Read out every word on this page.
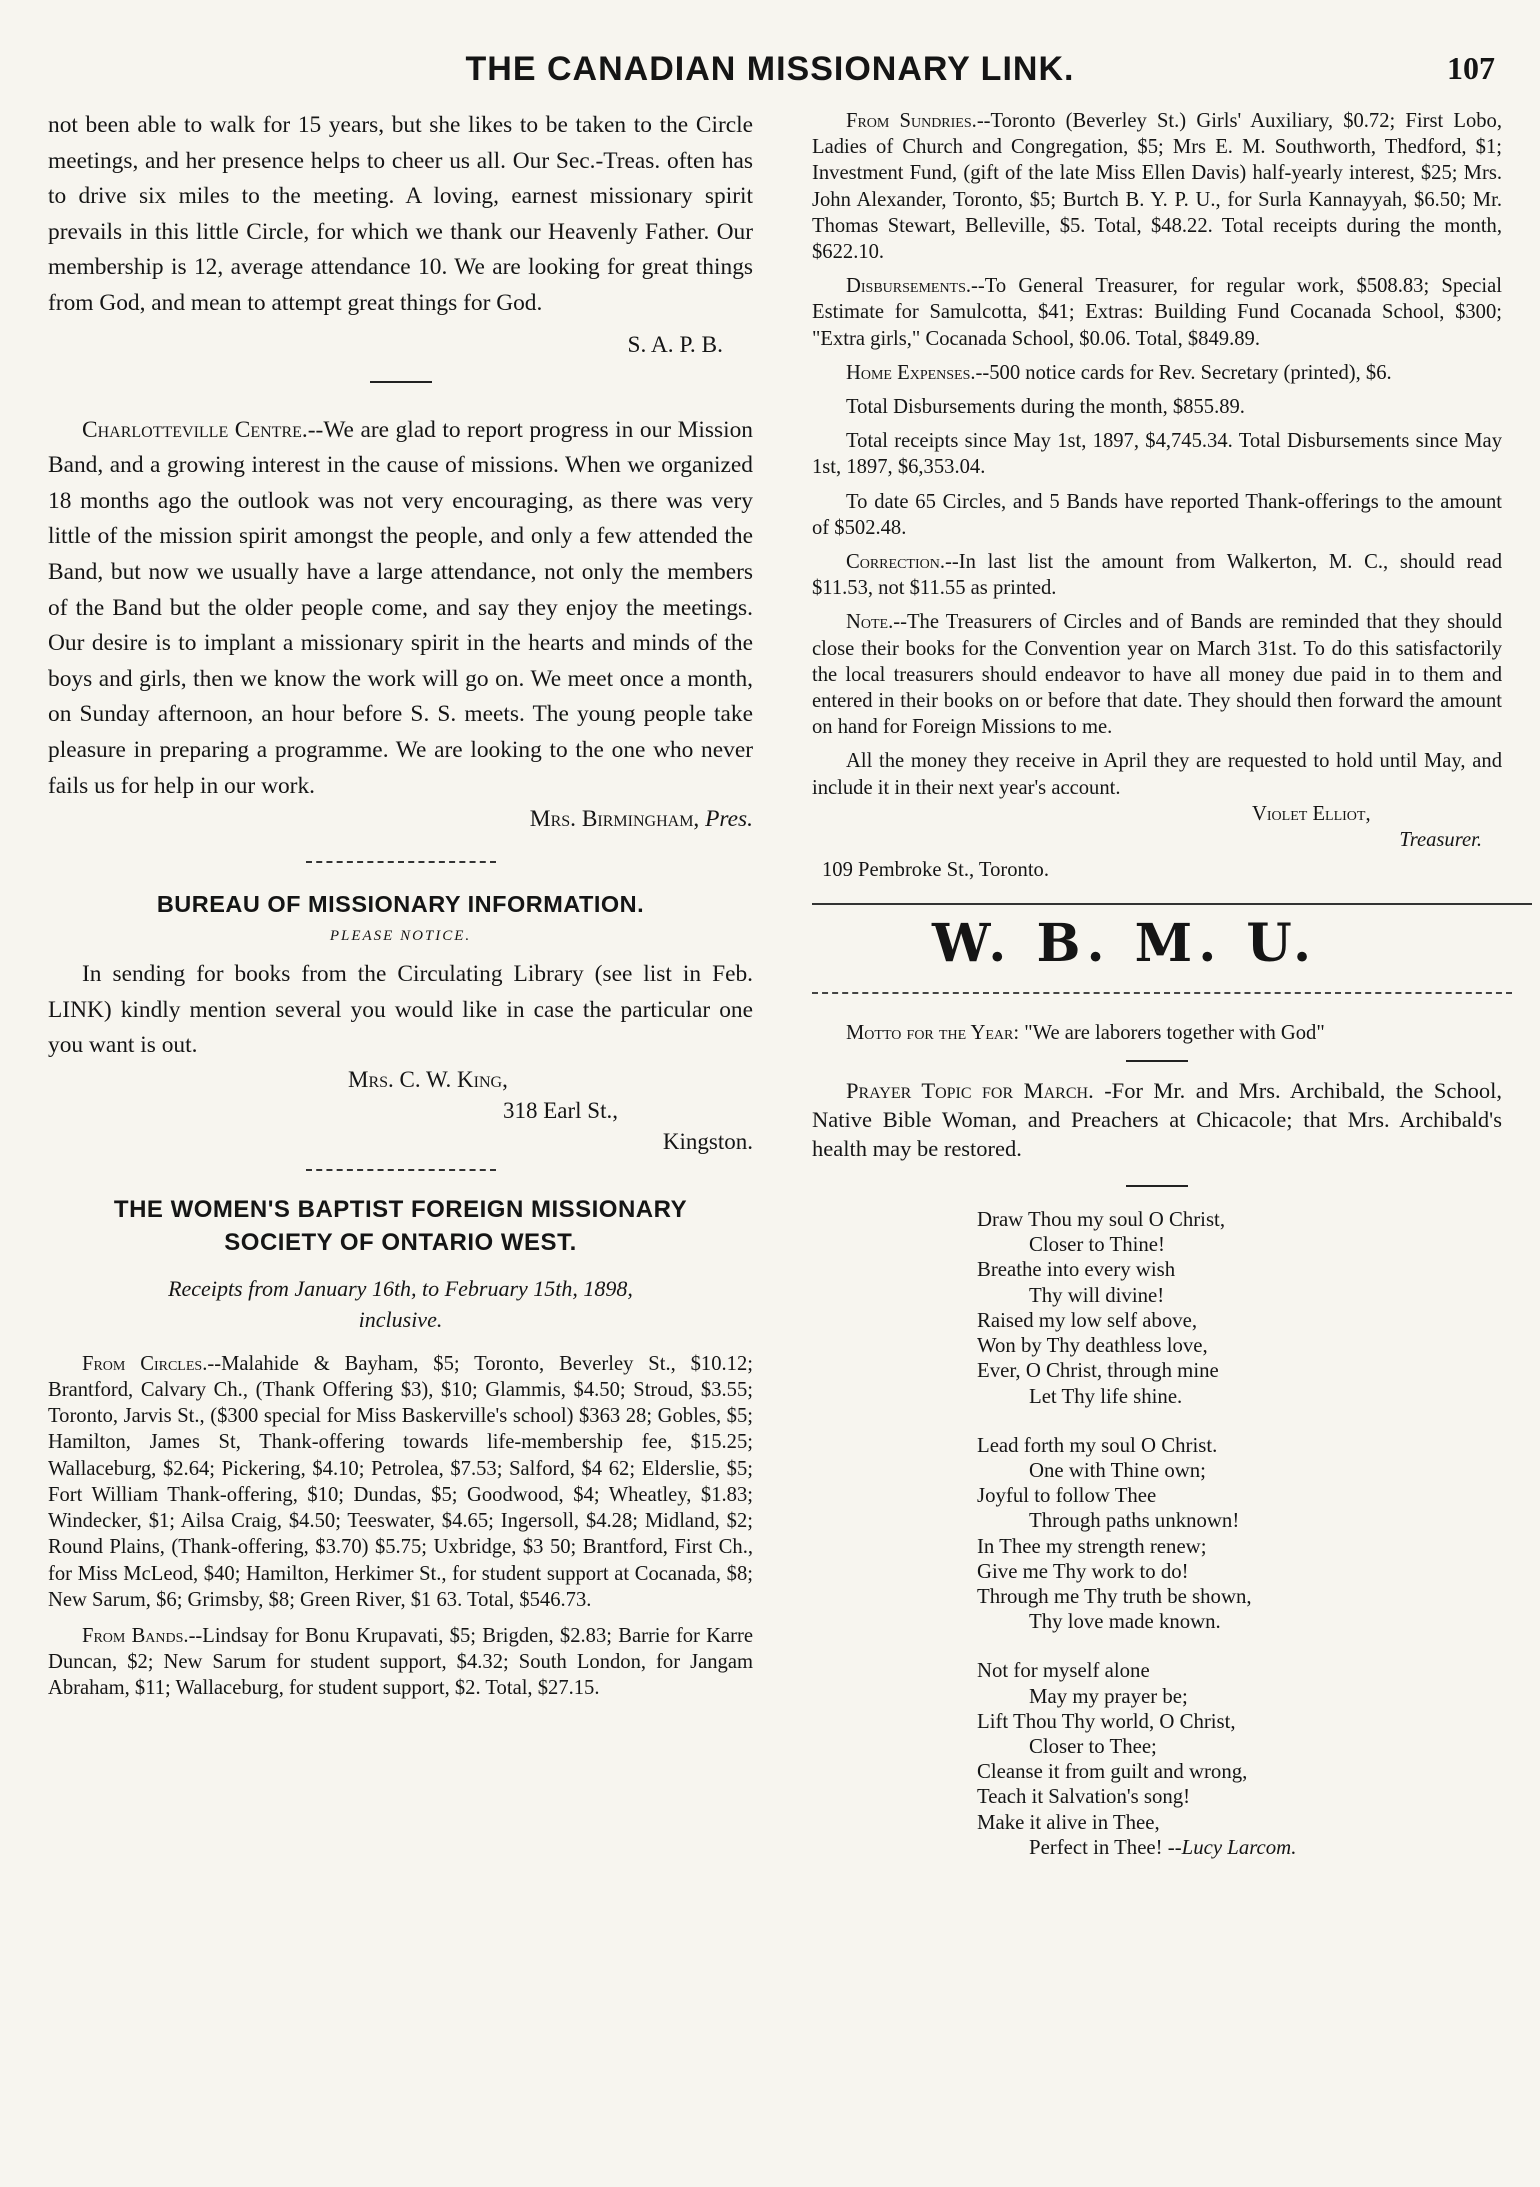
THE CANADIAN MISSIONARY LINK.	107

not been able to walk for 15 years, but she likes to be taken to the Circle meetings, and her presence helps to cheer us all. Our Sec.-Treas. often has to drive six miles to the meeting. A loving, earnest missionary spirit prevails in this little Circle, for which we thank our Heavenly Father. Our membership is 12, average attendance 10. We are looking for great things from God, and mean to attempt great things for God.

S. A. P. B.

Charlotteville Centre.--We are glad to report progress in our Mission Band, and a growing interest in the cause of missions. When we organized 18 months ago the outlook was not very encouraging, as there was very little of the mission spirit amongst the people, and only a few attended the Band, but now we usually have a large attendance, not only the members of the Band but the older people come, and say they enjoy the meetings. Our desire is to implant a missionary spirit in the hearts and minds of the boys and girls, then we know the work will go on. We meet once a month, on Sunday afternoon, an hour before S. S. meets. The young people take pleasure in preparing a programme. We are looking to the one who never fails us for help in our work.

Mrs. Birmingham, Pres.
BUREAU OF MISSIONARY INFORMATION.
PLEASE NOTICE.

In sending for books from the Circulating Library (see list in Feb. LINK) kindly mention several you would like in case the particular one you want is out.

Mrs. C. W. King,
318 Earl St.,
Kingston.
THE WOMEN'S BAPTIST FOREIGN MISSIONARY
SOCIETY OF ONTARIO WEST.
Receipts from January 16th, to February 15th, 1898,
inclusive.

From Circles.--Malahide & Bayham, $5; Toronto, Beverley St., $10.12; Brantford, Calvary Ch., (Thank Offering $3), $10; Glammis, $4.50; Stroud, $3.55; Toronto, Jarvis St., ($300 special for Miss Baskerville's school) $363 28; Gobles, $5; Hamilton, James St, Thank-offering towards life-membership fee, $15.25; Wallaceburg, $2.64; Pickering, $4.10; Petrolea, $7.53; Salford, $4 62; Elderslie, $5; Fort William Thank-offering, $10; Dundas, $5; Goodwood, $4; Wheatley, $1.83; Windecker, $1; Ailsa Craig, $4.50; Teeswater, $4.65; Ingersoll, $4.28; Midland, $2; Round Plains, (Thank-offering, $3.70) $5.75; Uxbridge, $3 50; Brantford, First Ch., for Miss McLeod, $40; Hamilton, Herkimer St., for student support at Cocanada, $8; New Sarum, $6; Grimsby, $8; Green River, $1 63. Total, $546.73.

From Bands.--Lindsay for Bonu Krupavati, $5; Brigden, $2.83; Barrie for Karre Duncan, $2; New Sarum for student support, $4.32; South London, for Jangam Abraham, $11; Wallaceburg, for student support, $2. Total, $27.15.

From Sundries.--Toronto (Beverley St.) Girls' Auxiliary, $0.72; First Lobo, Ladies of Church and Congregation, $5; Mrs E. M. Southworth, Thedford, $1; Investment Fund, (gift of the late Miss Ellen Davis) half-yearly interest, $25; Mrs. John Alexander, Toronto, $5; Burtch B. Y. P. U., for Surla Kannayyah, $6.50; Mr. Thomas Stewart, Belleville, $5. Total, $48.22. Total receipts during the month, $622.10.

Disbursements.--To General Treasurer, for regular work, $508.83; Special Estimate for Samulcotta, $41; Extras: Building Fund Cocanada School, $300; "Extra girls," Cocanada School, $0.06. Total, $849.89.

Home Expenses.--500 notice cards for Rev. Secretary (printed), $6.

Total Disbursements during the month, $855.89.

Total receipts since May 1st, 1897, $4,745.34. Total Disbursements since May 1st, 1897, $6,353.04.

To date 65 Circles, and 5 Bands have reported Thank-offerings to the amount of $502.48.

Correction.--In last list the amount from Walkerton, M. C., should read $11.53, not $11.55 as printed.

Note.--The Treasurers of Circles and of Bands are reminded that they should close their books for the Convention year on March 31st. To do this satisfactorily the local treasurers should endeavor to have all money due paid in to them and entered in their books on or before that date. They should then forward the amount on hand for Foreign Missions to me.

All the money they receive in April they are requested to hold until May, and include it in their next year's account.

Violet Elliot,
Treasurer.
109 Pembroke St., Toronto.
W. B. M. U.

Motto for the Year: "We are laborers together with God"

Prayer Topic for March. -For Mr. and Mrs. Archibald, the School, Native Bible Woman, and Preachers at Chicacole; that Mrs. Archibald's health may be restored.

Draw Thou my soul O Christ,
Closer to Thine!
Breathe into every wish
Thy will divine!
Raised my low self above,
Won by Thy deathless love,
Ever, O Christ, through mine
Let Thy life shine.
Lead forth my soul O Christ.
One with Thine own;
Joyful to follow Thee
Through paths unknown!
In Thee my strength renew;
Give me Thy work to do!
Through me Thy truth be shown,
Thy love made known.
Not for myself alone
May my prayer be;
Lift Thou Thy world, O Christ,
Closer to Thee;
Cleanse it from guilt and wrong,
Teach it Salvation's song!
Make it alive in Thee,
Perfect in Thee! --Lucy Larcom.
